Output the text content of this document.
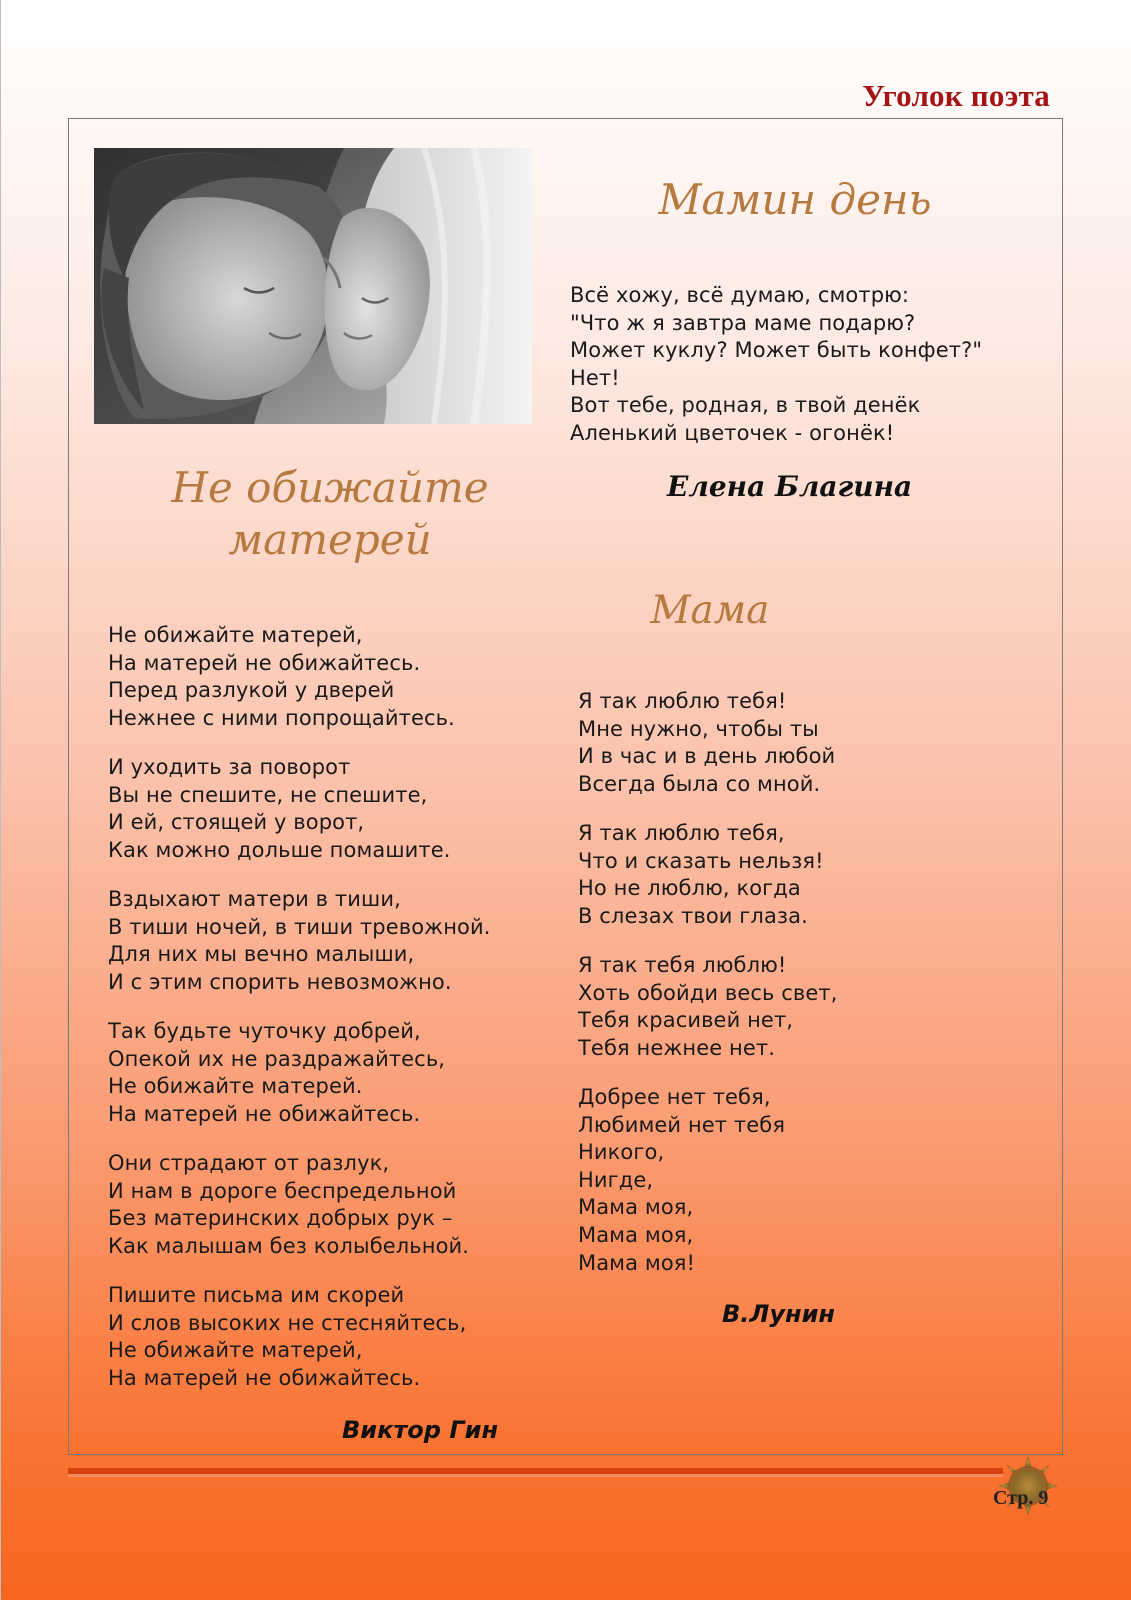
Уголок поэта
Мамин день
Всё хожу, всё думаю, смотрю:
"Что ж я завтра маме подарю?
Может куклу? Может быть конфет?"
Нет!
Вот тебе, родная, в твой денёк
Аленький цветочек - огонёк!

Елена Благина

Не обижайте
матерей
Не обижайте матерей,
На матерей не обижайтесь.
Перед разлукой у дверей
Нежнее с ними попрощайтесь.
И уходить за поворот
Вы не спешите, не спешите,
И ей, стоящей у ворот,
Как можно дольше помашите.
Вздыхают матери в тиши,
В тиши ночей, в тиши тревожной.
Для них мы вечно малыши,
И с этим спорить невозможно.
Так будьте чуточку добрей,
Опекой их не раздражайтесь,
Не обижайте матерей.
На матерей не обижайтесь.
Они страдают от разлук,
И нам в дороге беспредельной
Без материнских добрых рук –
Как малышам без колыбельной.
Пишите письма им скорей
И слов высоких не стесняйтесь,
Не обижайте матерей,
На матерей не обижайтесь.

Виктор Гин

Мама
Я так люблю тебя!
Мне нужно, чтобы ты
И в час и в день любой
Всегда была со мной.
Я так люблю тебя,
Что и сказать нельзя!
Но не люблю, когда
В слезах твои глаза.
Я так тебя люблю!
Хоть обойди весь свет,
Тебя красивей нет,
Тебя нежнее нет.
Добрее нет тебя,
Любимей нет тебя
Никого,
Нигде,
Мама моя,
Мама моя,
Мама моя!

В.Лунин

Стр. 9
